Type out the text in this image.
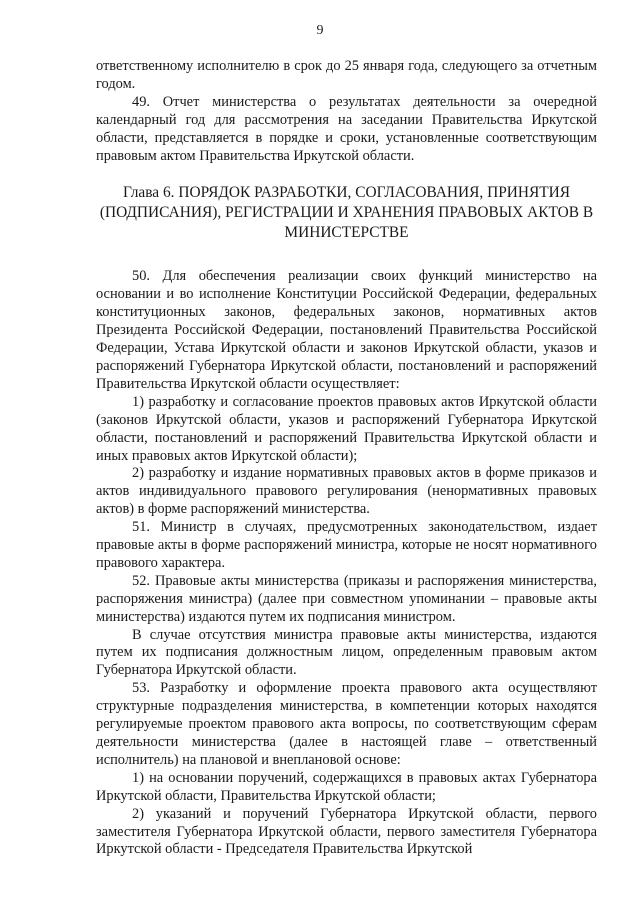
9

ответственному исполнителю в срок до 25 января года, следующего за отчетным годом.

49. Отчет министерства о результатах деятельности за очередной календарный год для рассмотрения на заседании Правительства Иркутской области, представляется в порядке и сроки, установленные соответствующим правовым актом Правительства Иркутской области.

Глава 6. ПОРЯДОК РАЗРАБОТКИ, СОГЛАСОВАНИЯ, ПРИНЯТИЯ (ПОДПИСАНИЯ), РЕГИСТРАЦИИ И ХРАНЕНИЯ ПРАВОВЫХ АКТОВ В МИНИСТЕРСТВЕ

50. Для обеспечения реализации своих функций министерство на основании и во исполнение Конституции Российской Федерации, федеральных конституционных законов, федеральных законов, нормативных актов Президента Российской Федерации, постановлений Правительства Российской Федерации, Устава Иркутской области и законов Иркутской области, указов и распоряжений Губернатора Иркутской области, постановлений и распоряжений Правительства Иркутской области осуществляет:

1) разработку и согласование проектов правовых актов Иркутской области (законов Иркутской области, указов и распоряжений Губернатора Иркутской области, постановлений и распоряжений Правительства Иркутской области и иных правовых актов Иркутской области);

2) разработку и издание нормативных правовых актов в форме приказов и актов индивидуального правового регулирования (ненормативных правовых актов) в форме распоряжений министерства.

51. Министр в случаях, предусмотренных законодательством, издает правовые акты в форме распоряжений министра, которые не носят нормативного правового характера.

52. Правовые акты министерства (приказы и распоряжения министерства, распоряжения министра) (далее при совместном упоминании – правовые акты министерства) издаются путем их подписания министром.

В случае отсутствия министра правовые акты министерства, издаются путем их подписания должностным лицом, определенным правовым актом Губернатора Иркутской области.

53. Разработку и оформление проекта правового акта осуществляют структурные подразделения министерства, в компетенции которых находятся регулируемые проектом правового акта вопросы, по соответствующим сферам деятельности министерства (далее в настоящей главе – ответственный исполнитель) на плановой и внеплановой основе:

1) на основании поручений, содержащихся в правовых актах Губернатора Иркутской области, Правительства Иркутской области;

2) указаний и поручений Губернатора Иркутской области, первого заместителя Губернатора Иркутской области, первого заместителя Губернатора Иркутской области - Председателя Правительства Иркутской
